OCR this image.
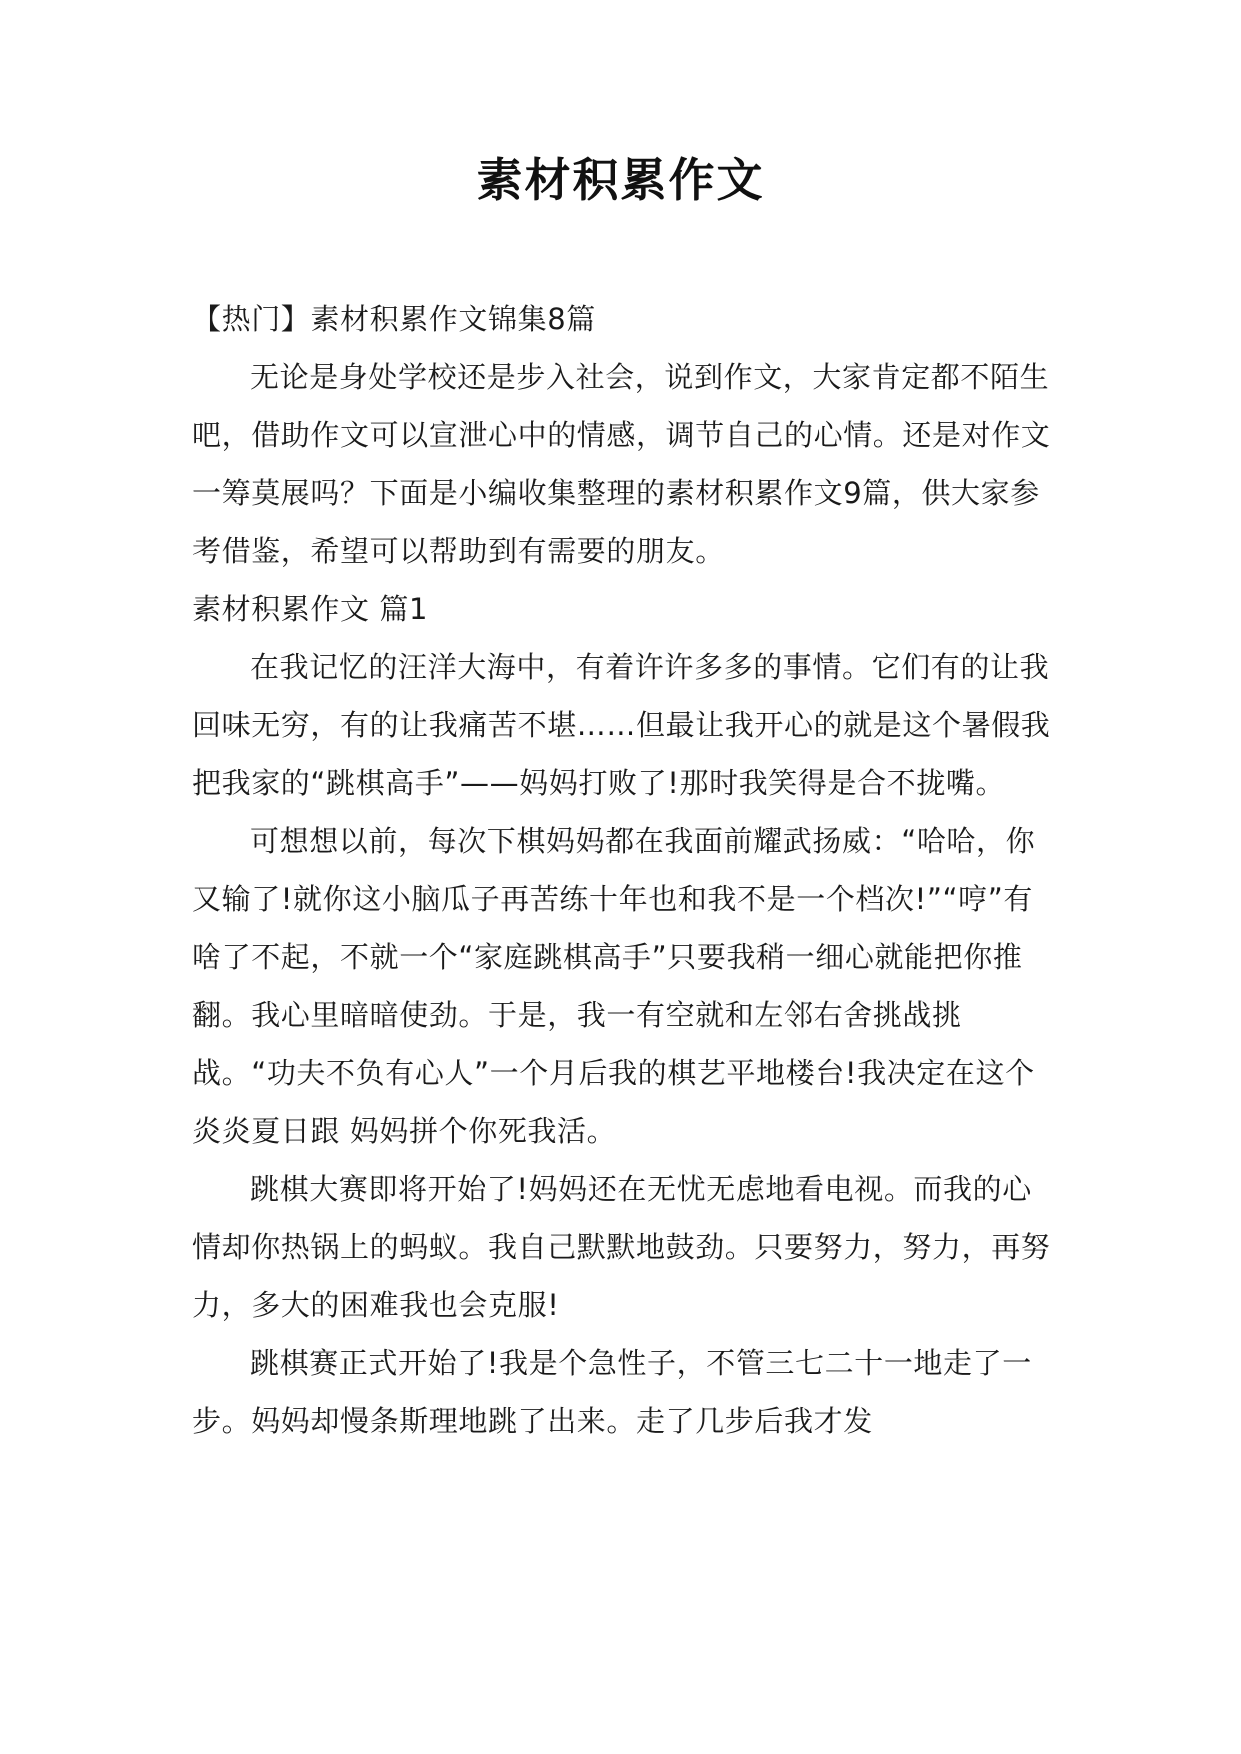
素材积累作文

【热门】素材积累作文锦集8篇

无论是身处学校还是步入社会，说到作文，大家肯定都不陌生吧，借助作文可以宣泄心中的情感，调节自己的心情。还是对作文一筹莫展吗？下面是小编收集整理的素材积累作文9篇，供大家参考借鉴，希望可以帮助到有需要的朋友。

素材积累作文 篇1

在我记忆的汪洋大海中，有着许许多多的事情。它们有的让我回味无穷，有的让我痛苦不堪……但最让我开心的就是这个暑假我把我家的“跳棋高手”——妈妈打败了!那时我笑得是合不拢嘴。

可想想以前，每次下棋妈妈都在我面前耀武扬威：“哈哈，你又输了!就你这小脑瓜子再苦练十年也和我不是一个档次!”“哼”有啥了不起，不就一个“家庭跳棋高手”只要我稍一细心就能把你推翻。我心里暗暗使劲。于是，我一有空就和左邻右舍挑战挑战。“功夫不负有心人”一个月后我的棋艺平地楼台!我决定在这个炎炎夏日跟 妈妈拼个你死我活。

跳棋大赛即将开始了!妈妈还在无忧无虑地看电视。而我的心情却你热锅上的蚂蚁。我自己默默地鼓劲。只要努力，努力，再努力，多大的困难我也会克服!

跳棋赛正式开始了!我是个急性子，不管三七二十一地走了一步。妈妈却慢条斯理地跳了出来。走了几步后我才发
